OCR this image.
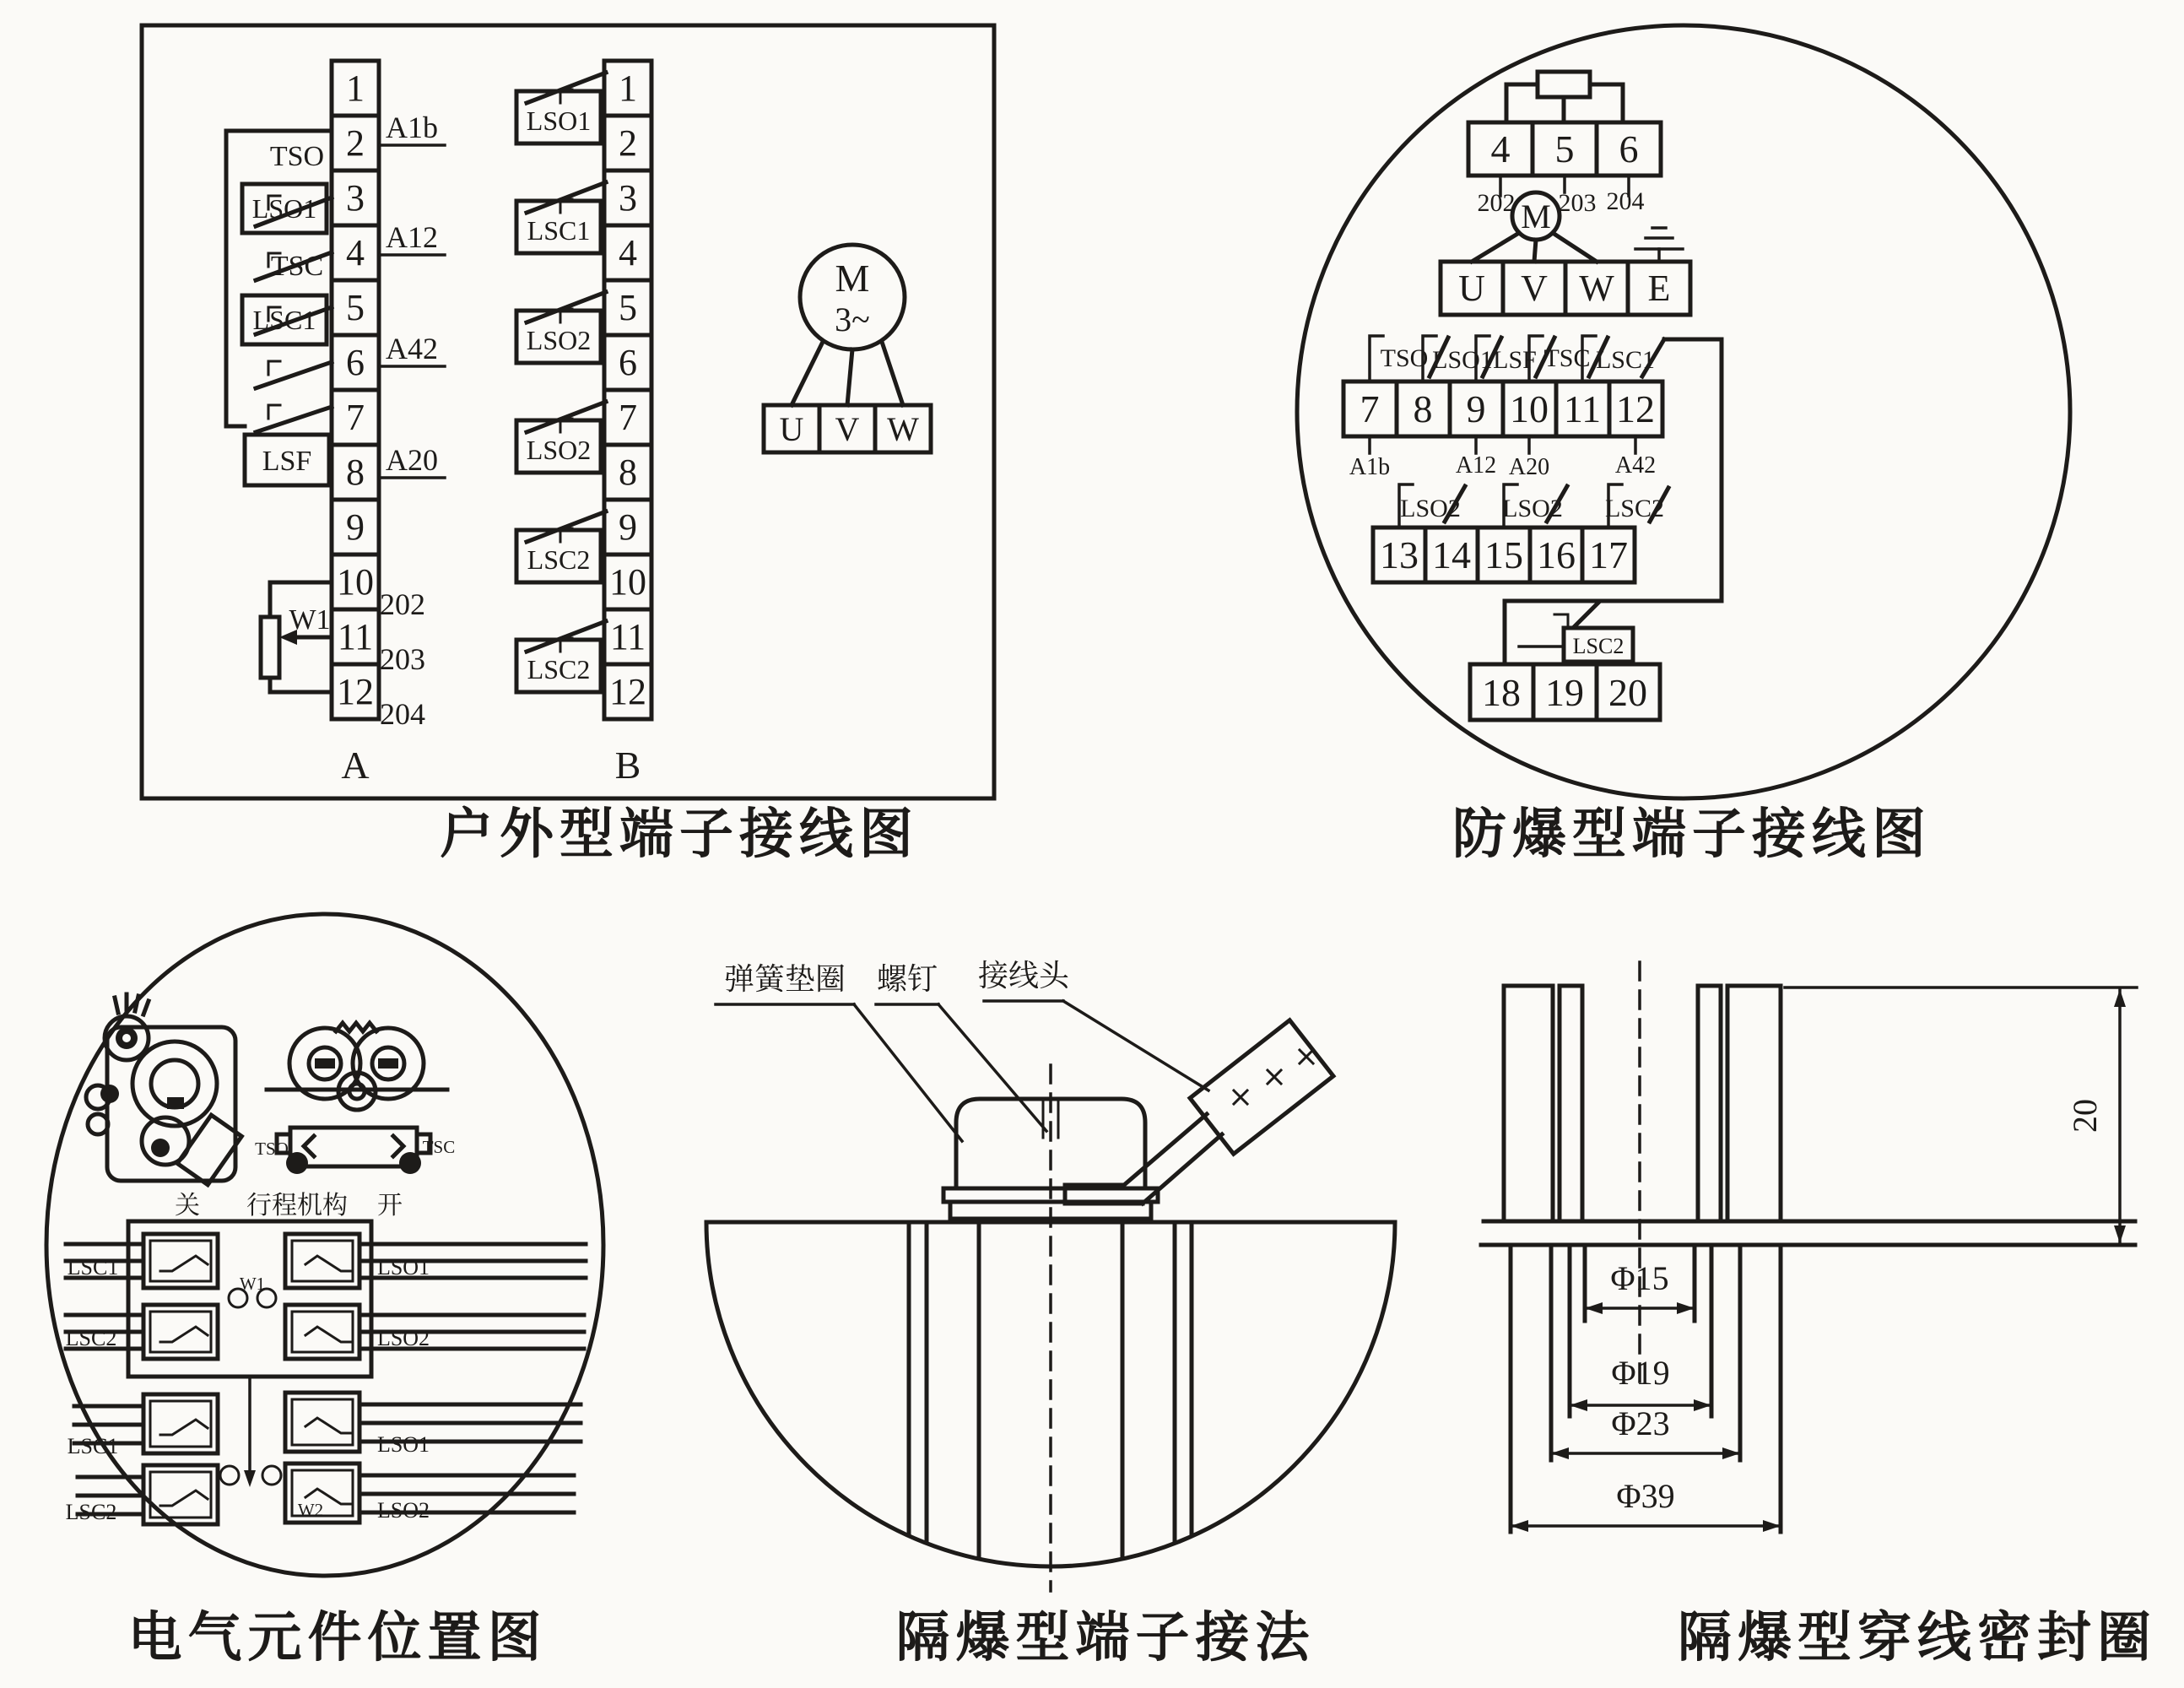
1
2
3
4
5
6
7
8
9
10
11
12
A
TSO
LSO1
TSC
LSC1
LSF
W1
A1b
A12
A42
A20
202
203
204
1
2
3
4
5
6
7
8
9
10
11
12
B
LSO1
LSC1
LSO2
LSO2
LSC2
LSC2
M
3~
U V W
户外型端子接线图
4 5 6
202 203 204
M
U V W E
TSO LSO1 LSF TSC LSC1
7 8 9 10 11 12
A1b	A12 A20	A42
LSO2 LSO2 LSC2
13 14 15 16 17
LSC2
18 19 20
防爆型端子接线图
TSO	TSC
关 行程机构 开
W1
LSC1
LSC2
LSO1
LSO2
W2
LSC1
LSC2
LSO1
LSO2
电气元件位置图
弹簧垫圈 螺钉 接线头
隔爆型端子接法
Φ15
Φ19
Φ23
Φ39
20
隔爆型穿线密封圈
